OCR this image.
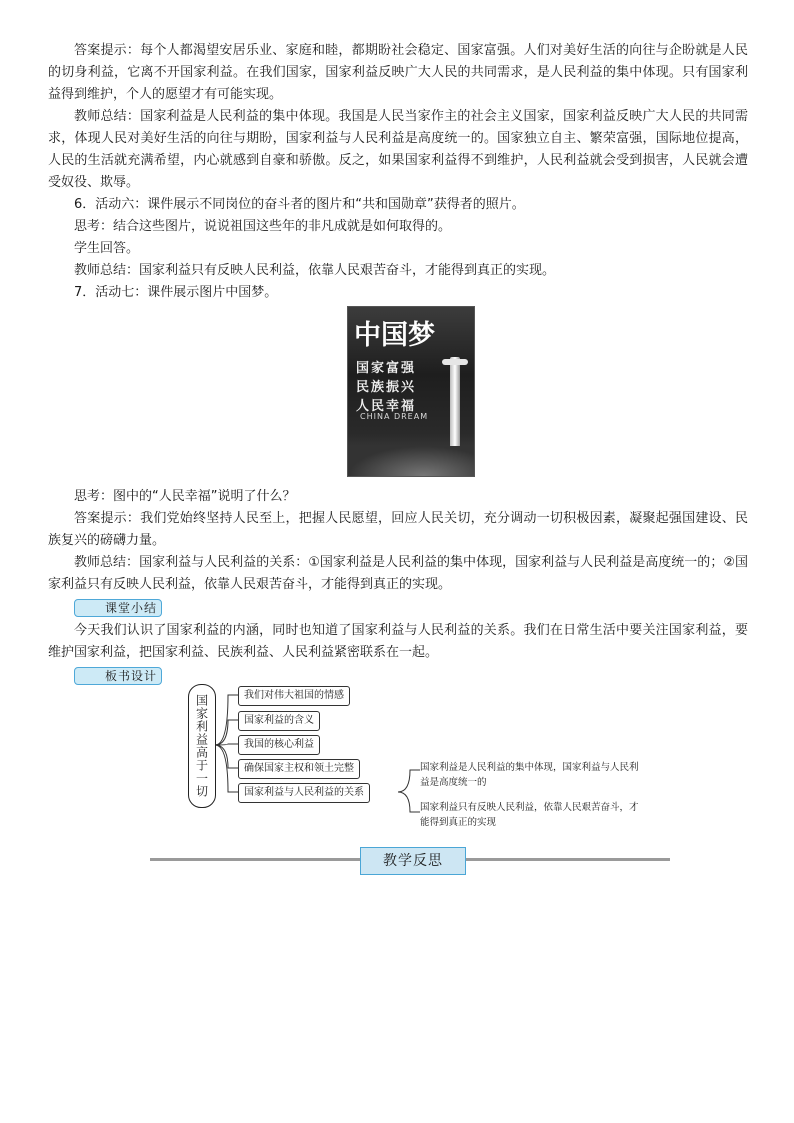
答案提示：每个人都渴望安居乐业、家庭和睦，都期盼社会稳定、国家富强。人们对美好生活的向往与企盼就是人民的切身利益，它离不开国家利益。在我们国家，国家利益反映广大人民的共同需求，是人民利益的集中体现。只有国家利益得到维护，个人的愿望才有可能实现。

教师总结：国家利益是人民利益的集中体现。我国是人民当家作主的社会主义国家，国家利益反映广大人民的共同需求，体现人民对美好生活的向往与期盼，国家利益与人民利益是高度统一的。国家独立自主、繁荣富强，国际地位提高，人民的生活就充满希望，内心就感到自豪和骄傲。反之，如果国家利益得不到维护，人民利益就会受到损害，人民就会遭受奴役、欺辱。

6．活动六：课件展示不同岗位的奋斗者的图片和“共和国勋章”获得者的照片。

思考：结合这些图片，说说祖国这些年的非凡成就是如何取得的。

学生回答。

教师总结：国家利益只有反映人民利益，依靠人民艰苦奋斗，才能得到真正的实现。

7．活动七：课件展示图片中国梦。

中国梦
国家富强
民族振兴
人民幸福
CHINA DREAM

思考：图中的“人民幸福”说明了什么？

答案提示：我们党始终坚持人民至上，把握人民愿望，回应人民关切，充分调动一切积极因素，凝聚起强国建设、民族复兴的磅礴力量。

教师总结：国家利益与人民利益的关系：①国家利益是人民利益的集中体现，国家利益与人民利益是高度统一的；②国家利益只有反映人民利益，依靠人民艰苦奋斗，才能得到真正的实现。

课堂小结

今天我们认识了国家利益的内涵，同时也知道了国家利益与人民利益的关系。我们在日常生活中要关注国家利益，要维护国家利益，把国家利益、民族利益、人民利益紧密联系在一起。

板书设计

国家利益高于一切	我们对伟大祖国的情感
国家利益的含义
我国的核心利益
确保国家主权和领土完整
国家利益与人民利益的关系
国家利益是人民利益的集中体现，国家利益与人民利益是高度统一的
国家利益只有反映人民利益，依靠人民艰苦奋斗，才能得到真正的实现
教学反思
